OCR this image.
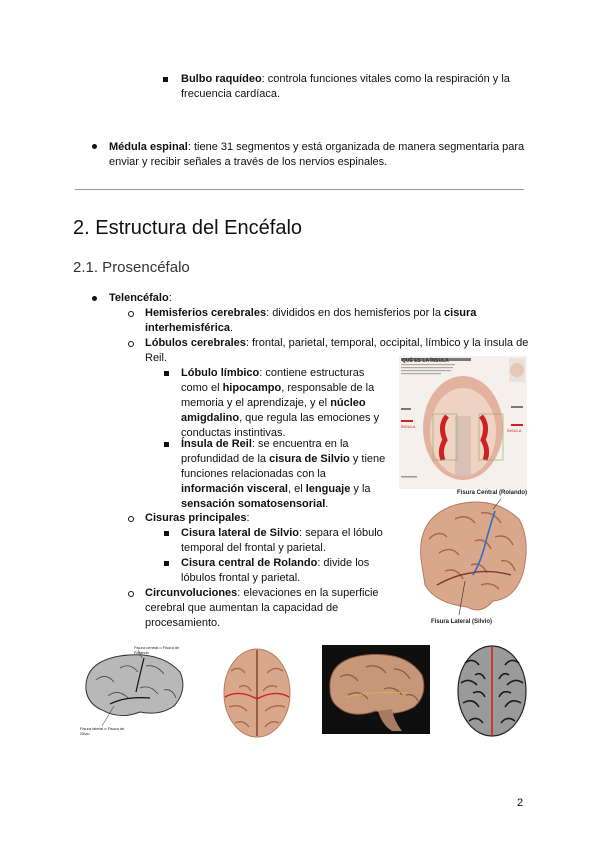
Bulbo raquídeo: controla funciones vitales como la respiración y la frecuencia cardíaca.
Médula espinal: tiene 31 segmentos y está organizada de manera segmentaria para enviar y recibir señales a través de los nervios espinales.
2. Estructura del Encéfalo
2.1. Prosencéfalo
Telencéfalo:
Hemisferios cerebrales: divididos en dos hemisferios por la cisura interhemisférica.
Lóbulos cerebrales: frontal, parietal, temporal, occipital, límbico y la ínsula de Reil.
Lóbulo límbico: contiene estructuras como el hipocampo, responsable de la memoria y el aprendizaje, y el núcleo amigdalino, que regula las emociones y conductas instintivas.
Ínsula de Reil: se encuentra en la profundidad de la cisura de Silvio y tiene funciones relacionadas con la información visceral, el lenguaje y la sensación somatosensorial.
Cisuras principales:
Cisura lateral de Silvio: separa el lóbulo temporal del frontal y parietal.
Cisura central de Rolando: divide los lóbulos frontal y parietal.
Circunvoluciones: elevaciones en la superficie cerebral que aumentan la capacidad de procesamiento.
QUÉ ES LA ÍNSULA
ÍNSULA
ÍNSULA
Fisura Central (Rolando)
Fisura Lateral (Silvio)
Fisura central o Fisura de Rolando
Fisura lateral o Fisura de Silvio
2
